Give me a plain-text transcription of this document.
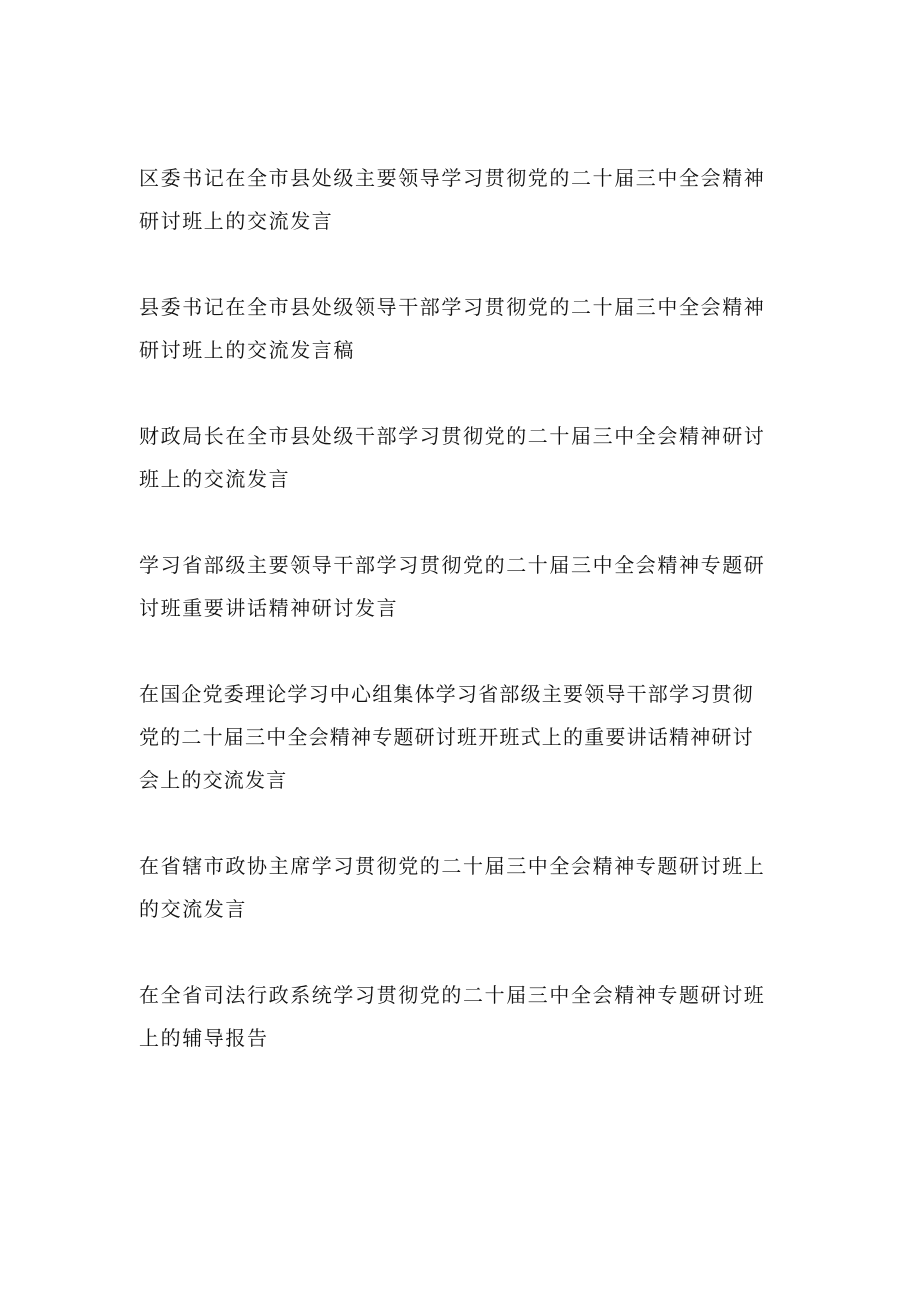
区委书记在全市县处级主要领导学习贯彻党的二十届三中全会精神研讨班上的交流发言
县委书记在全市县处级领导干部学习贯彻党的二十届三中全会精神研讨班上的交流发言稿
财政局长在全市县处级干部学习贯彻党的二十届三中全会精神研讨班上的交流发言
学习省部级主要领导干部学习贯彻党的二十届三中全会精神专题研讨班重要讲话精神研讨发言
在国企党委理论学习中心组集体学习省部级主要领导干部学习贯彻党的二十届三中全会精神专题研讨班开班式上的重要讲话精神研讨会上的交流发言
在省辖市政协主席学习贯彻党的二十届三中全会精神专题研讨班上的交流发言
在全省司法行政系统学习贯彻党的二十届三中全会精神专题研讨班上的辅导报告
